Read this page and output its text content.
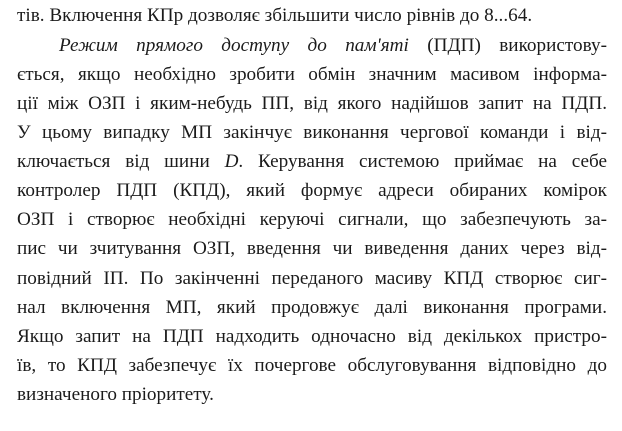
тів. Включення КПр дозволяє збільшити число рівнів до 8...64.
Режим прямого доступу до пам'яті (ПДП) використову-
ється, якщо необхідно зробити обмін значним масивом інформа-
ції між ОЗП і яким-небудь ПП, від якого надійшов запит на ПДП.
У цьому випадку МП закінчує виконання чергової команди і від-
ключається від шини D. Керування системою приймає на себе
контролер ПДП (КПД), який формує адреси обираних комірок
ОЗП і створює необхідні керуючі сигнали, що забезпечують за-
пис чи зчитування ОЗП, введення чи виведення даних через від-
повідний ІП. По закінченні переданого масиву КПД створює сиг-
нал включення МП, який продовжує далі виконання програми.
Якщо запит на ПДП надходить одночасно від декількох пристро-
їв, то КПД забезпечує їх почергове обслуговування відповідно до
визначеного пріоритету.
